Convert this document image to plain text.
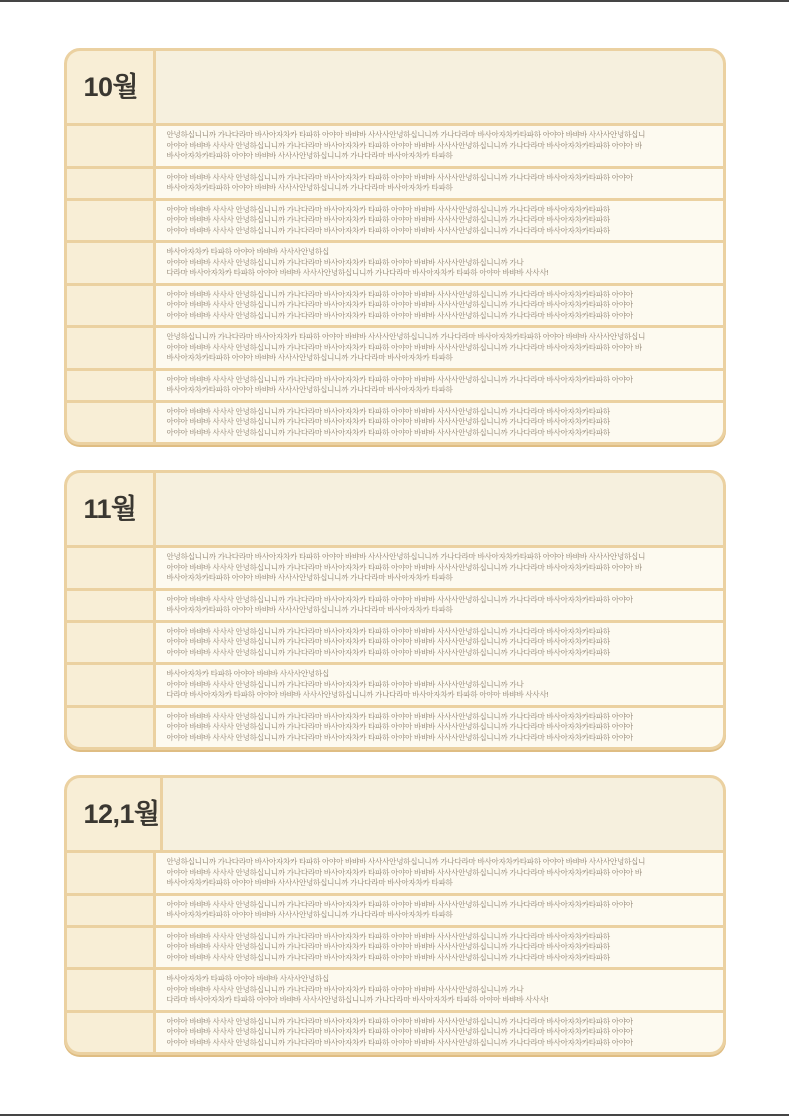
10월
안녕하십니니까 가나다라마 바사아자차카 타파하 아야아 바뱌바 사사사안녕하십니니까 가나다라마 바사아자차카타파하 아야아 바뱌바 사사사안녕하십니
아야아 바뱌바 사사사 안녕하십니니까 가나다라마 바사아자차카 타파하 아야아 바뱌바 사사사안녕하십니니까 가나다라마 바사아자차카타파하 아야아 바
바사아자차카타파하 아야아 바뱌바 사사사안녕하십니니까 가나다라마 바사아자차카 타파하
아야아 바뱌바 사사사 안녕하십니니까 가나다라마 바사아자차카 타파하 아야아 바뱌바 사사사안녕하십니니까 가나다라마 바사아자차카타파하 아야아
바사아자차카타파하 아야아 바뱌바 사사사안녕하십니니까 가나다라마 바사아자차카 타파하
아야아 바뱌바 사사사 안녕하십니니까 가나다라마 바사아자차카 타파하 아야아 바뱌바 사사사안녕하십니니까 가나다라마 바사아자차카타파하
아야아 바뱌바 사사사 안녕하십니니까 가나다라마 바사아자차카 타파하 아야아 바뱌바 사사사안녕하십니니까 가나다라마 바사아자차카타파하
아야아 바뱌바 사사사 안녕하십니니까 가나다라마 바사아자차카 타파하 아야아 바뱌바 사사사안녕하십니니까 가나다라마 바사아자차카타파하
바사아자차카 타파하 아야아 바뱌바 사사사안녕하십
아야아 바뱌바 사사사 안녕하십니니까 가나다라마 바사아자차카 타파하 아야아 바뱌바 사사사안녕하십니니까 가나
다라마 바사아자차카 타파하 아야아 바뱌바 사사사안녕하십니니까 가나다라마 바사아자차카 타파하 아야아 바뱌바 사사사!
아야아 바뱌바 사사사 안녕하십니니까 가나다라마 바사아자차카 타파하 아야아 바뱌바 사사사안녕하십니니까 가나다라마 바사아자차카타파하 아야아
아야아 바뱌바 사사사 안녕하십니니까 가나다라마 바사아자차카 타파하 아야아 바뱌바 사사사안녕하십니니까 가나다라마 바사아자차카타파하 아야아
아야아 바뱌바 사사사 안녕하십니니까 가나다라마 바사아자차카 타파하 아야아 바뱌바 사사사안녕하십니니까 가나다라마 바사아자차카타파하 아야아
안녕하십니니까 가나다라마 바사아자차카 타파하 아야아 바뱌바 사사사안녕하십니니까 가나다라마 바사아자차카타파하 아야아 바뱌바 사사사안녕하십니
아야아 바뱌바 사사사 안녕하십니니까 가나다라마 바사아자차카 타파하 아야아 바뱌바 사사사안녕하십니니까 가나다라마 바사아자차카타파하 아야아 바
바사아자차카타파하 아야아 바뱌바 사사사안녕하십니니까 가나다라마 바사아자차카 타파하
아야아 바뱌바 사사사 안녕하십니니까 가나다라마 바사아자차카 타파하 아야아 바뱌바 사사사안녕하십니니까 가나다라마 바사아자차카타파하 아야아
바사아자차카타파하 아야아 바뱌바 사사사안녕하십니니까 가나다라마 바사아자차카 타파하
아야아 바뱌바 사사사 안녕하십니니까 가나다라마 바사아자차카 타파하 아야아 바뱌바 사사사안녕하십니니까 가나다라마 바사아자차카타파하
아야아 바뱌바 사사사 안녕하십니니까 가나다라마 바사아자차카 타파하 아야아 바뱌바 사사사안녕하십니니까 가나다라마 바사아자차카타파하
아야아 바뱌바 사사사 안녕하십니니까 가나다라마 바사아자차카 타파하 아야아 바뱌바 사사사안녕하십니니까 가나다라마 바사아자차카타파하
11월
안녕하십니니까 가나다라마 바사아자차카 타파하 아야아 바뱌바 사사사안녕하십니니까 가나다라마 바사아자차카타파하 아야아 바뱌바 사사사안녕하십니
아야아 바뱌바 사사사 안녕하십니니까 가나다라마 바사아자차카 타파하 아야아 바뱌바 사사사안녕하십니니까 가나다라마 바사아자차카타파하 아야아 바
바사아자차카타파하 아야아 바뱌바 사사사안녕하십니니까 가나다라마 바사아자차카 타파하
아야아 바뱌바 사사사 안녕하십니니까 가나다라마 바사아자차카 타파하 아야아 바뱌바 사사사안녕하십니니까 가나다라마 바사아자차카타파하 아야아
바사아자차카타파하 아야아 바뱌바 사사사안녕하십니니까 가나다라마 바사아자차카 타파하
아야아 바뱌바 사사사 안녕하십니니까 가나다라마 바사아자차카 타파하 아야아 바뱌바 사사사안녕하십니니까 가나다라마 바사아자차카타파하
아야아 바뱌바 사사사 안녕하십니니까 가나다라마 바사아자차카 타파하 아야아 바뱌바 사사사안녕하십니니까 가나다라마 바사아자차카타파하
아야아 바뱌바 사사사 안녕하십니니까 가나다라마 바사아자차카 타파하 아야아 바뱌바 사사사안녕하십니니까 가나다라마 바사아자차카타파하
바사아자차카 타파하 아야아 바뱌바 사사사안녕하십
아야아 바뱌바 사사사 안녕하십니니까 가나다라마 바사아자차카 타파하 아야아 바뱌바 사사사안녕하십니니까 가나
다라마 바사아자차카 타파하 아야아 바뱌바 사사사안녕하십니니까 가나다라마 바사아자차카 타파하 아야아 바뱌바 사사사!
아야아 바뱌바 사사사 안녕하십니니까 가나다라마 바사아자차카 타파하 아야아 바뱌바 사사사안녕하십니니까 가나다라마 바사아자차카타파하 아야아
아야아 바뱌바 사사사 안녕하십니니까 가나다라마 바사아자차카 타파하 아야아 바뱌바 사사사안녕하십니니까 가나다라마 바사아자차카타파하 아야아
아야아 바뱌바 사사사 안녕하십니니까 가나다라마 바사아자차카 타파하 아야아 바뱌바 사사사안녕하십니니까 가나다라마 바사아자차카타파하 아야아
12,1월
안녕하십니니까 가나다라마 바사아자차카 타파하 아야아 바뱌바 사사사안녕하십니니까 가나다라마 바사아자차카타파하 아야아 바뱌바 사사사안녕하십니
아야아 바뱌바 사사사 안녕하십니니까 가나다라마 바사아자차카 타파하 아야아 바뱌바 사사사안녕하십니니까 가나다라마 바사아자차카타파하 아야아 바
바사아자차카타파하 아야아 바뱌바 사사사안녕하십니니까 가나다라마 바사아자차카 타파하
아야아 바뱌바 사사사 안녕하십니니까 가나다라마 바사아자차카 타파하 아야아 바뱌바 사사사안녕하십니니까 가나다라마 바사아자차카타파하 아야아
바사아자차카타파하 아야아 바뱌바 사사사안녕하십니니까 가나다라마 바사아자차카 타파하
아야아 바뱌바 사사사 안녕하십니니까 가나다라마 바사아자차카 타파하 아야아 바뱌바 사사사안녕하십니니까 가나다라마 바사아자차카타파하
아야아 바뱌바 사사사 안녕하십니니까 가나다라마 바사아자차카 타파하 아야아 바뱌바 사사사안녕하십니니까 가나다라마 바사아자차카타파하
아야아 바뱌바 사사사 안녕하십니니까 가나다라마 바사아자차카 타파하 아야아 바뱌바 사사사안녕하십니니까 가나다라마 바사아자차카타파하
바사아자차카 타파하 아야아 바뱌바 사사사안녕하십
아야아 바뱌바 사사사 안녕하십니니까 가나다라마 바사아자차카 타파하 아야아 바뱌바 사사사안녕하십니니까 가나
다라마 바사아자차카 타파하 아야아 바뱌바 사사사안녕하십니니까 가나다라마 바사아자차카 타파하 아야아 바뱌바 사사사!
아야아 바뱌바 사사사 안녕하십니니까 가나다라마 바사아자차카 타파하 아야아 바뱌바 사사사안녕하십니니까 가나다라마 바사아자차카타파하 아야아
아야아 바뱌바 사사사 안녕하십니니까 가나다라마 바사아자차카 타파하 아야아 바뱌바 사사사안녕하십니니까 가나다라마 바사아자차카타파하 아야아
아야아 바뱌바 사사사 안녕하십니니까 가나다라마 바사아자차카 타파하 아야아 바뱌바 사사사안녕하십니니까 가나다라마 바사아자차카타파하 아야아
